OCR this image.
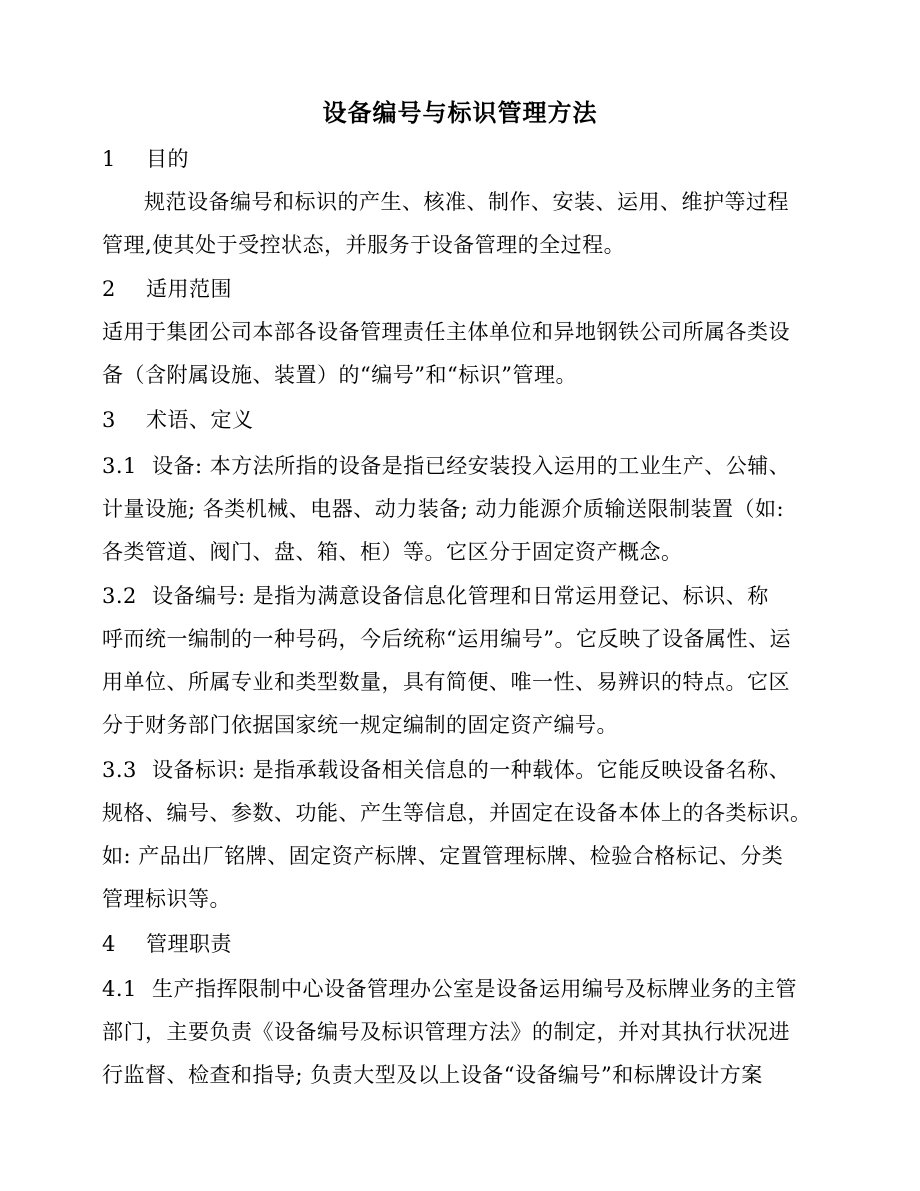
设备编号与标识管理方法
1 目的
规范设备编号和标识的产生、核准、制作、安装、运用、维护等过程
管理,使其处于受控状态，并服务于设备管理的全过程。
2 适用范围
适用于集团公司本部各设备管理责任主体单位和异地钢铁公司所属各类设
备（含附属设施、装置）的“编号”和“标识”管理。
3 术语、定义
3.1 设备: 本方法所指的设备是指已经安装投入运用的工业生产、公辅、
计量设施; 各类机械、电器、动力装备; 动力能源介质输送限制装置（如:
各类管道、阀门、盘、箱、柜）等。它区分于固定资产概念。
3.2 设备编号: 是指为满意设备信息化管理和日常运用登记、标识、称
呼而统一编制的一种号码，今后统称“运用编号”。它反映了设备属性、运
用单位、所属专业和类型数量，具有简便、唯一性、易辨识的特点。它区
分于财务部门依据国家统一规定编制的固定资产编号。
3.3 设备标识: 是指承载设备相关信息的一种载体。它能反映设备名称、
规格、编号、参数、功能、产生等信息，并固定在设备本体上的各类标识。
如: 产品出厂铭牌、固定资产标牌、定置管理标牌、检验合格标记、分类
管理标识等。
4 管理职责
4.1 生产指挥限制中心设备管理办公室是设备运用编号及标牌业务的主管
部门，主要负责《设备编号及标识管理方法》的制定，并对其执行状况进
行监督、检查和指导; 负责大型及以上设备“设备编号”和标牌设计方案
